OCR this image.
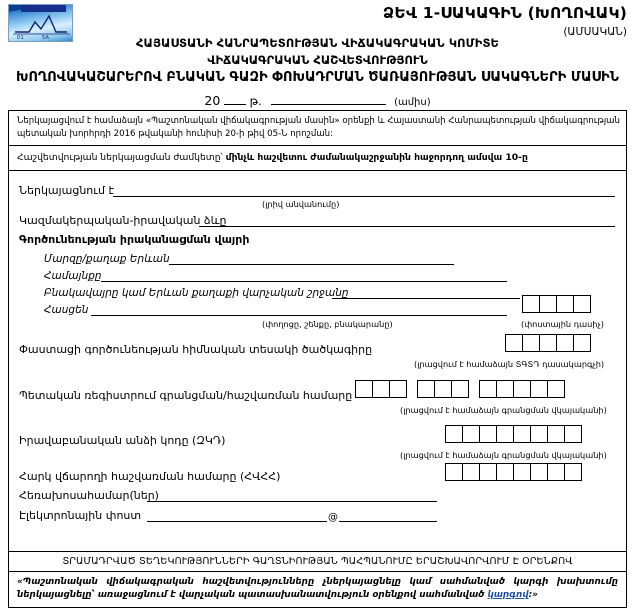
01	5A
ՁԵՎ 1-ՍԱԿԱԳԻՆ (ԽՈՂՈՎԱԿ)
(ԱՄՍԱԿԱՆ)
ՀԱՅԱՍՏԱՆԻ ՀԱՆՐԱՊԵՏՈՒԹՅԱՆ ՎԻՃԱԿԱԳՐԱԿԱՆ ԿՈՄԻՏԵ
ՎԻՃԱԿԱԳՐԱԿԱՆ ՀԱՇՎԵՏՎՈՒԹՅՈՒՆ
ԽՈՂՈՎԱԿԱՇԱՐԵՐՈՎ ԲՆԱԿԱՆ ԳԱԶԻ ՓՈԽԱԴՐՄԱՆ ԾԱՌԱՅՈՒԹՅԱՆ ՍԱԿԱԳՆԵՐԻ ՄԱՍԻՆ
20	թ.	(ամիս)
Ներկայացվում է համաձայն «Պաշտոնական վիճակագրության մասին» օրենքի և Հայաստանի Հանրապետության վիճակագրության պետական խորհրդի 2016 թվականի հունիսի 20-ի թիվ 05-Ն որոշման:
Հաշվետվության ներկայացման ժամկետը՝ մինչև հաշվետու ժամանակաշրջանին հաջորդող ամսվա 10-ը
Ներկայացնում է
(լրիվ անվանումը)
Կազմակերպական-իրավական ձևը
Գործունեության իրականացման վայրի
Մարզը/քաղաք Երևան
Համայնքը
Բնակավայրը կամ Երևան քաղաքի վարչական շրջանը
Հասցեն
(փողոցը, շենքը, բնակարանը)	(փոստային դասիչ)
Փաստացի գործունեության հիմնական տեսակի ծածկագիրը
(լրացվում է համաձայն ՏԳՏԴ դասակարգչի)
Պետական ռեգիստրում գրանցման/հաշվառման համարը
(լրացվում է համաձայն գրանցման վկայականի)
Իրավաբանական անձի կոդը (ԶԿԴ)
(լրացվում է համաձայն գրանցման վկայականի)
Հարկ վճարողի հաշվառման համարը (ՀՎՀՀ)
Հեռախոսահամար(ներ)
Էլեկտրոնային փոստ	@
ՏՐԱՄԱԴՐՎԱԾ ՏԵՂԵԿՈՒԹՅՈՒՆՆԵՐԻ ԳԱՂՏՆԻՈՒԹՅԱՆ ՊԱՀՊԱՆՈՒՄԸ ԵՐԱՇԽԱՎՈՐՎՈՒՄ Է ՕՐԵՆՔՈՎ
«Պաշտոնական վիճակագրական հաշվետվությունները չներկայացնելը կամ սահմանված կարգի խախտումը ներկայացնելը՝ առաջացնում է վարչական պատասխանատվություն օրենքով սահմանված կարգով:»
